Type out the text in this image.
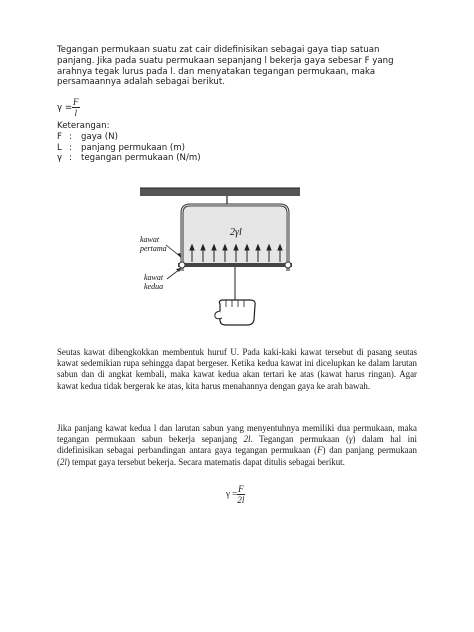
Tegangan permukaan suatu zat cair didefinisikan sebagai gaya tiap satuan
panjang. Jika pada suatu permukaan sepanjang l bekerja gaya sebesar F yang
arahnya tegak lurus pada l. dan menyatakan tegangan permukaan, maka
persamaannya adalah sebagai berikut.
$\gamma = \frac{F}{l}$
Keterangan:
F :	gaya (N)
L :	panjang permukaan (m)
γ :	tegangan permukaan (N/m)
2γl
kawat
pertama
kawat
kedua

Seutas kawat dibengkokkan membentuk huruf U. Pada kaki-kaki kawat tersebut di pasang seutas kawat sedemikian rupa sehingga dapat bergeser. Ketika kedua kawat ini dicelupkan ke dalam larutan sabun dan di angkat kembali, maka kawat kedua akan tertari ke atas (kawat harus ringan). Agar kawat kedua tidak bergerak ke atas, kita harus menahannya dengan gaya ke arah bawah.

Jika panjang kawat kedua l dan larutan sabun yang menyentuhnya memiliki dua permukaan, maka tegangan permukaan sabun bekerja sepanjang 2l. Tegangan permukaan (γ) dalam hal ini didefinisikan sebagai perbandingan antara gaya tegangan permukaan (F) dan panjang permukaan (2l) tempat gaya tersebut bekerja. Secara matematis dapat ditulis sebagai berikut.

$\gamma = \frac{F}{2l}$
